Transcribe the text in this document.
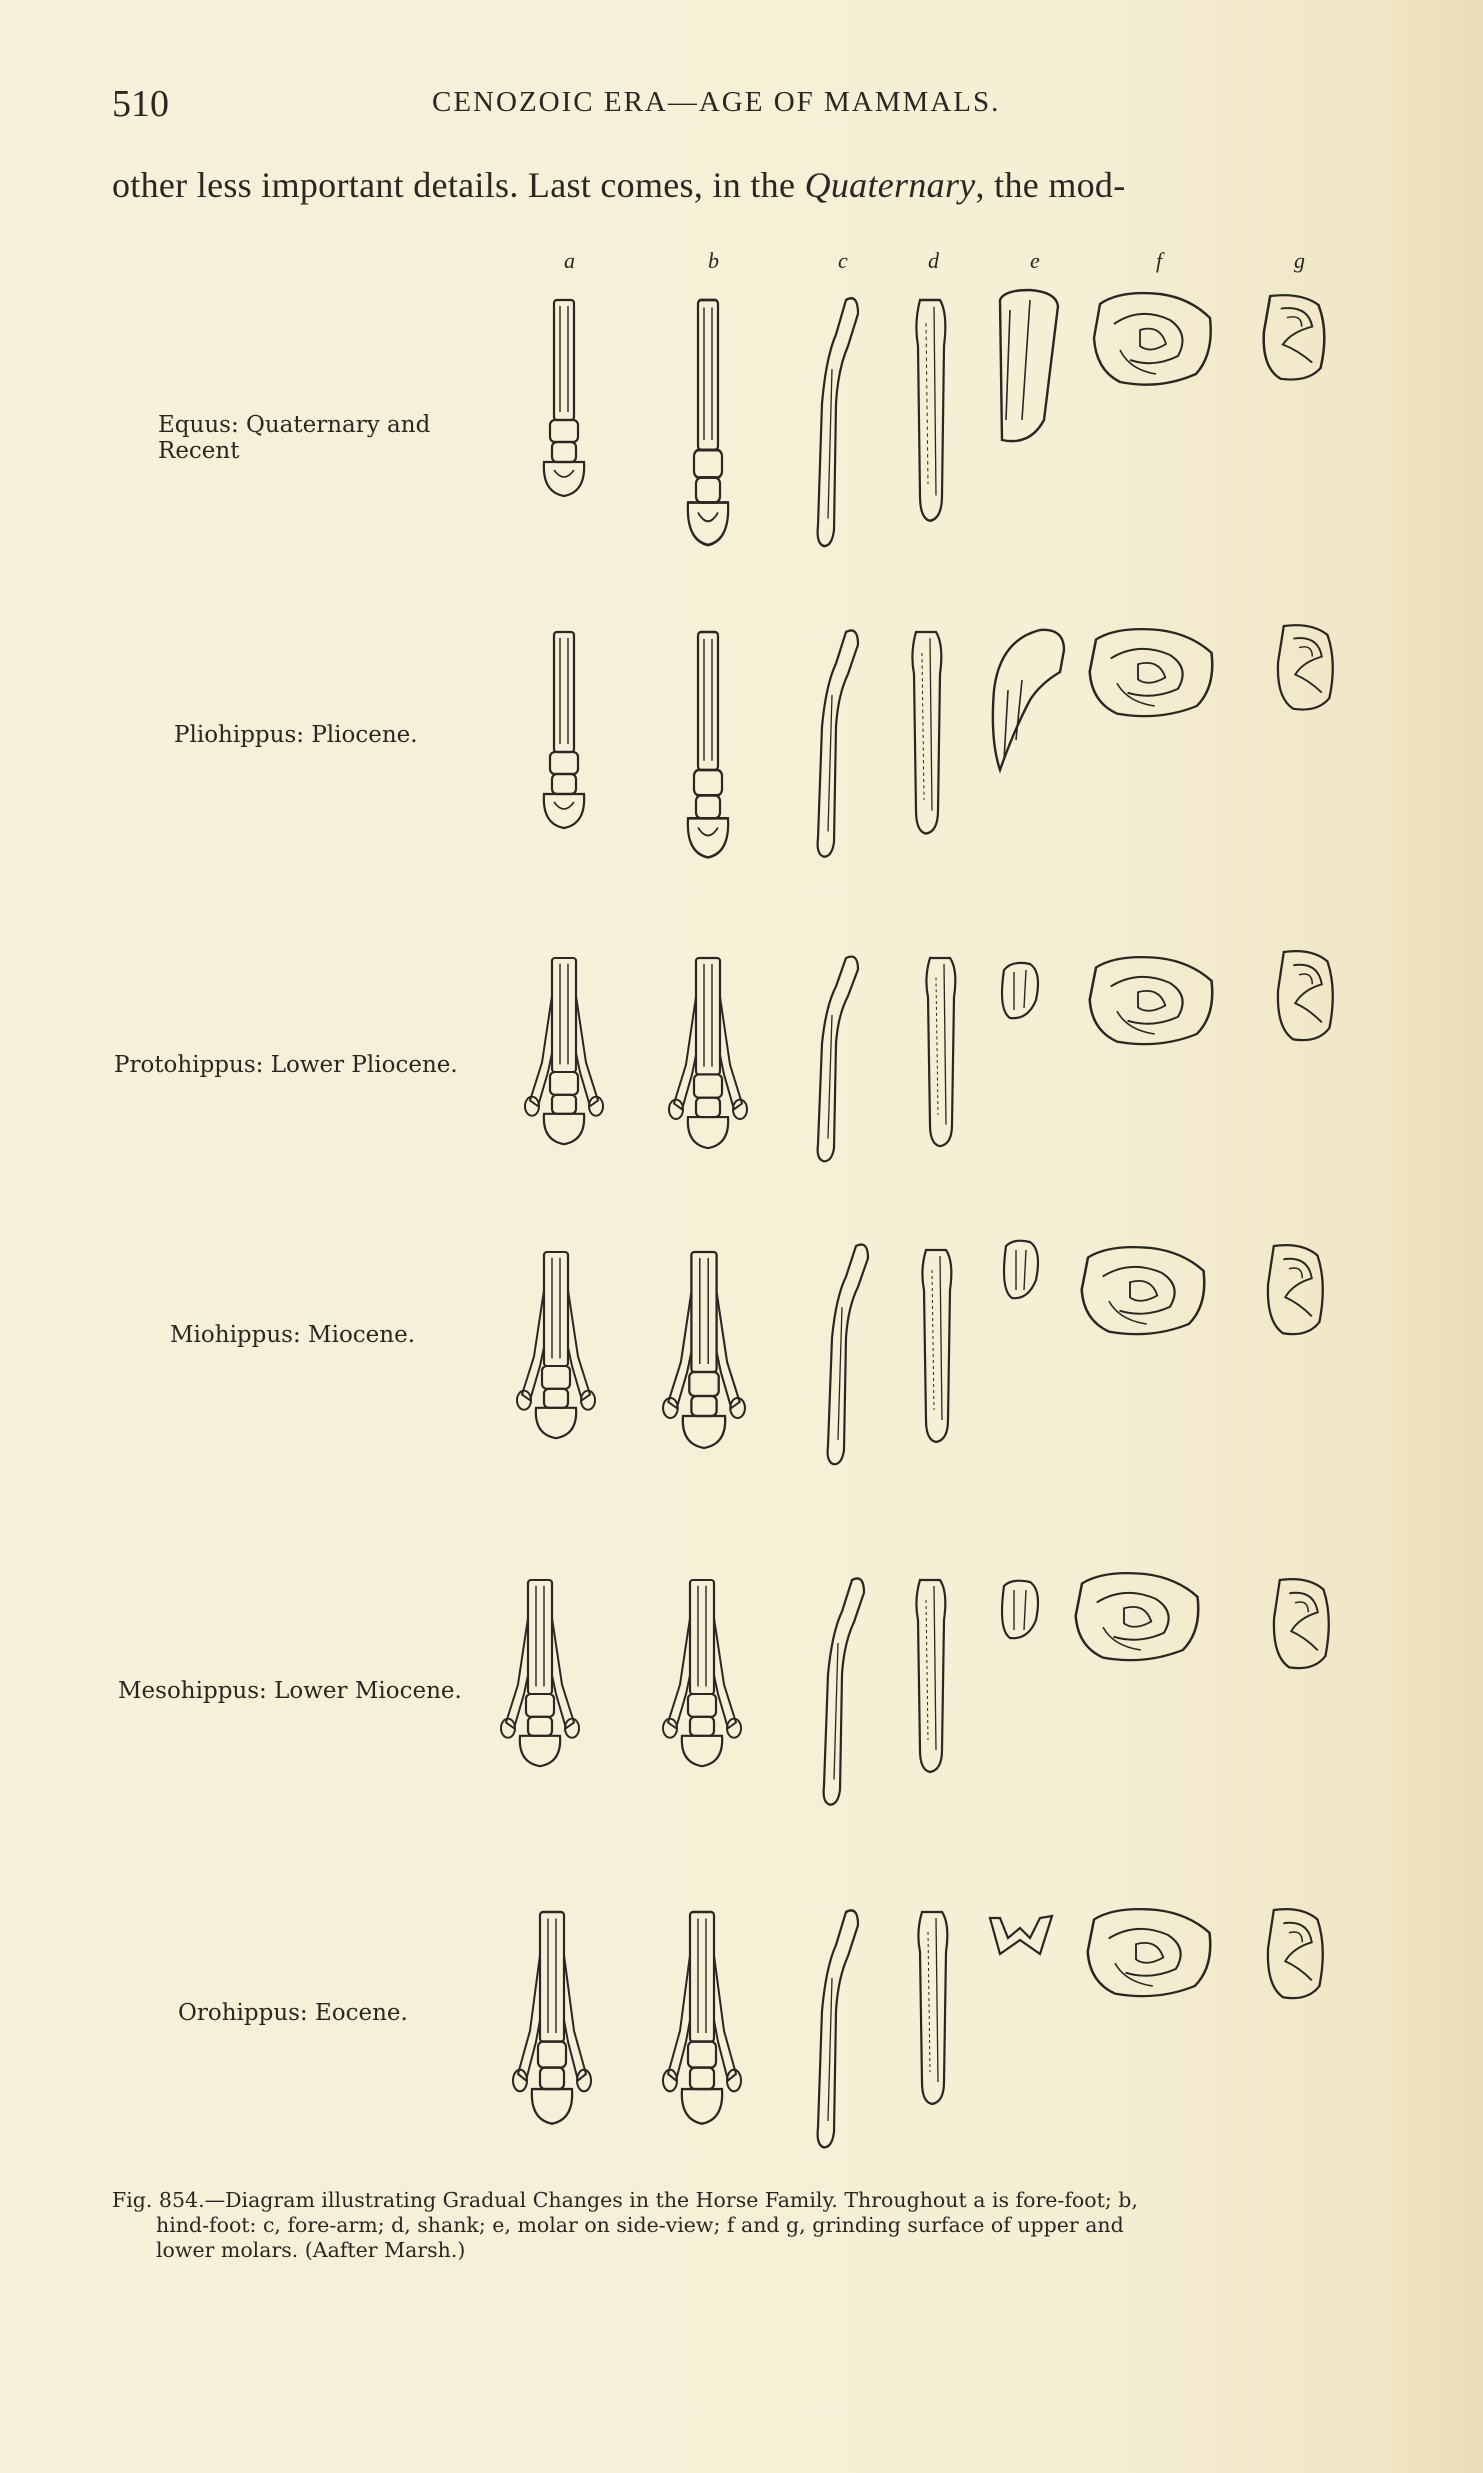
510	CENOZOIC ERA—AGE OF MAMMALS.
other less important details. Last comes, in the Quaternary, the mod-
a	b	c	d	e	f	g
Equus: Quaternary and
Recent
Pliohippus: Pliocene.
Protohippus: Lower Pliocene.
Miohippus: Miocene.
Mesohippus: Lower Miocene.
Orohippus: Eocene.
Fig. 854.—Diagram illustrating Gradual Changes in the Horse Family. Throughout a is fore-foot; b,
hind-foot: c, fore-arm; d, shank; e, molar on side-view; f and g, grinding surface of upper and
lower molars. (Aafter Marsh.)
